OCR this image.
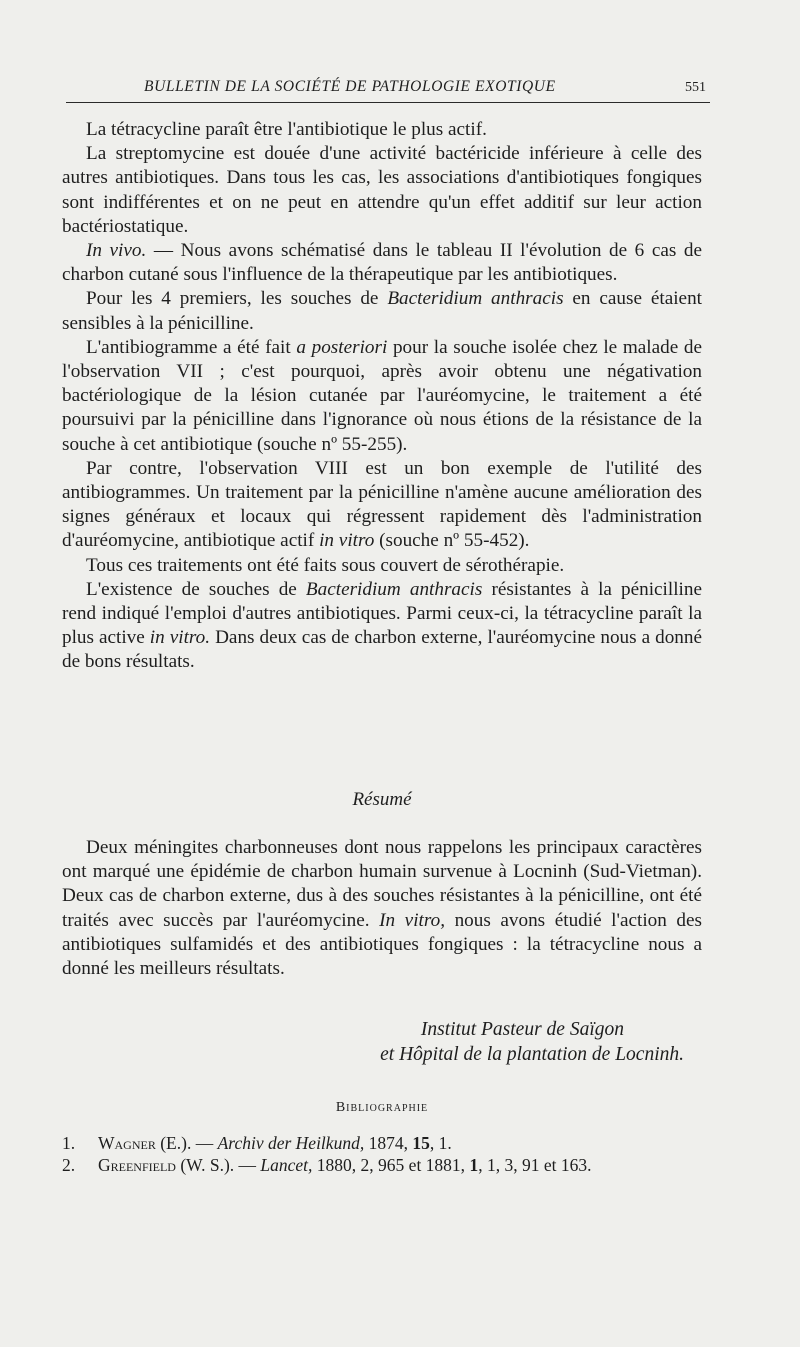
BULLETIN DE LA SOCIÉTÉ DE PATHOLOGIE EXOTIQUE	551

La tétracycline paraît être l'antibiotique le plus actif.

La streptomycine est douée d'une activité bactéricide inférieure à celle des autres antibiotiques. Dans tous les cas, les associations d'antibiotiques fongiques sont indifférentes et on ne peut en attendre qu'un effet additif sur leur action bactériostatique.

In vivo. — Nous avons schématisé dans le tableau II l'évolution de 6 cas de charbon cutané sous l'influence de la thérapeutique par les antibiotiques.

Pour les 4 premiers, les souches de Bacteridium anthracis en cause étaient sensibles à la pénicilline.

L'antibiogramme a été fait a posteriori pour la souche isolée chez le malade de l'observation VII ; c'est pourquoi, après avoir obtenu une négativation bactériologique de la lésion cutanée par l'auréomycine, le traitement a été poursuivi par la pénicilline dans l'ignorance où nous étions de la résistance de la souche à cet antibiotique (souche nº 55-255).

Par contre, l'observation VIII est un bon exemple de l'utilité des antibiogrammes. Un traitement par la pénicilline n'amène aucune amélioration des signes généraux et locaux qui régressent rapidement dès l'administration d'auréomycine, antibiotique actif in vitro (souche nº 55-452).

Tous ces traitements ont été faits sous couvert de sérothérapie.

L'existence de souches de Bacteridium anthracis résistantes à la pénicilline rend indiqué l'emploi d'autres antibiotiques. Parmi ceux-ci, la tétracycline paraît la plus active in vitro. Dans deux cas de charbon externe, l'auréomycine nous a donné de bons résultats.

Résumé

Deux méningites charbonneuses dont nous rappelons les principaux caractères ont marqué une épidémie de charbon humain survenue à Locninh (Sud-Vietman). Deux cas de charbon externe, dus à des souches résistantes à la pénicilline, ont été traités avec succès par l'auréomycine. In vitro, nous avons étudié l'action des antibiotiques sulfamidés et des antibiotiques fongiques : la tétracycline nous a donné les meilleurs résultats.

Institut Pasteur de Saïgon
et Hôpital de la plantation de Locninh.
Bibliographie
1.	Wagner (E.). — Archiv der Heilkund, 1874, 15, 1.
2.	Greenfield (W. S.). — Lancet, 1880, 2, 965 et 1881, 1, 1, 3, 91 et 163.
